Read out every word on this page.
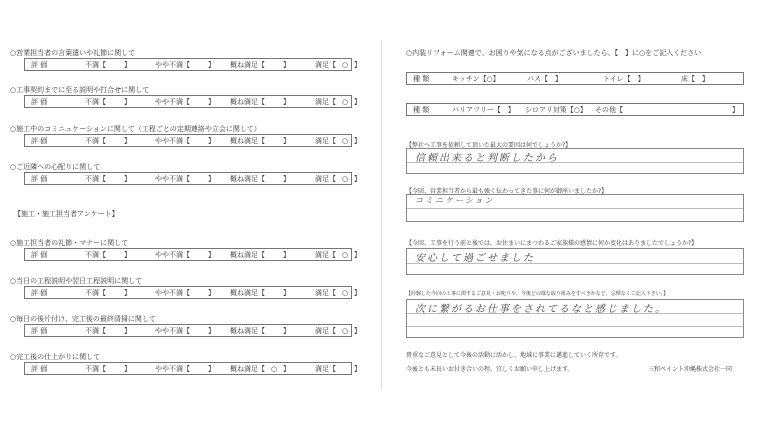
○営業担当者の言葉遣いや礼節に関して
評 価	不満【	】	やや不満【	】 概ね満足【	】	満足【 ○ 】
○工事契約までに至る説明や打合せに関して
評 価	不満【	】	やや不満【	】 概ね満足【	】	満足【 ○ 】
○施工中のコミニュケーションに関して（工程ごとの定期連絡や立会に関して）
評 価	不満【	】	やや不満【	】 概ね満足【	】	満足【 ○ 】
○ご近隣への心配りに関して
評 価	不満【	】	やや不満【	】 概ね満足【	】	満足【 ○ 】
○施工担当者の礼節・マナーに関して
評 価	不満【	】	やや不満【	】 概ね満足【	】	満足【 ○ 】
○当日の工程説明や翌日工程説明に関して
評 価	不満【	】	やや不満【	】 概ね満足【	】	満足【 ○ 】
○毎日の後片付け、完工後の最終清掃に関して
評 価	不満【	】	やや不満【	】 概ね満足【	】	満足【 ○ 】
○完工後の仕上がりに関して
評 価	不満【	】	やや不満【	】 概ね満足【 ○ 】	満足【	】
【施工・施工担当者アンケート】
○内装リフォーム関連で、お困りや気になる点がございましたら、【　】に○をご記入ください
種 類	キッチン【○】	バス【　】	トイレ【　】	床【　】
種 類	バリアフリー【　】 シロアリ対策【○】 その他【	】
【弊社へ工事を依頼して頂いた最大の要因は何でしょうか?】
信頼出来ると判断したから
【今回、営業担当者から最も強く伝わってきた事に何が御座いましたか?】
コミニケーション
【今回、工事を行う前と後では、お住まいにまつわるご家族様の感情に何か変化はありましたでしょうか?】
安心して過ごせました
【経験した今回の工事に関するご意見・お叱りや、今後どの様な取り組みをすべきかなど、忌憚なくご記入下さい。】
次に繋がるお仕事をされてるなと感じました。
貴重なご意見として今後の活動に活かし、地域に事業に邁進していく所存です。
今後とも末長いお付き合いの程、宜しくお願い申し上げます。	三和ペイント沖縄株式会社一同
